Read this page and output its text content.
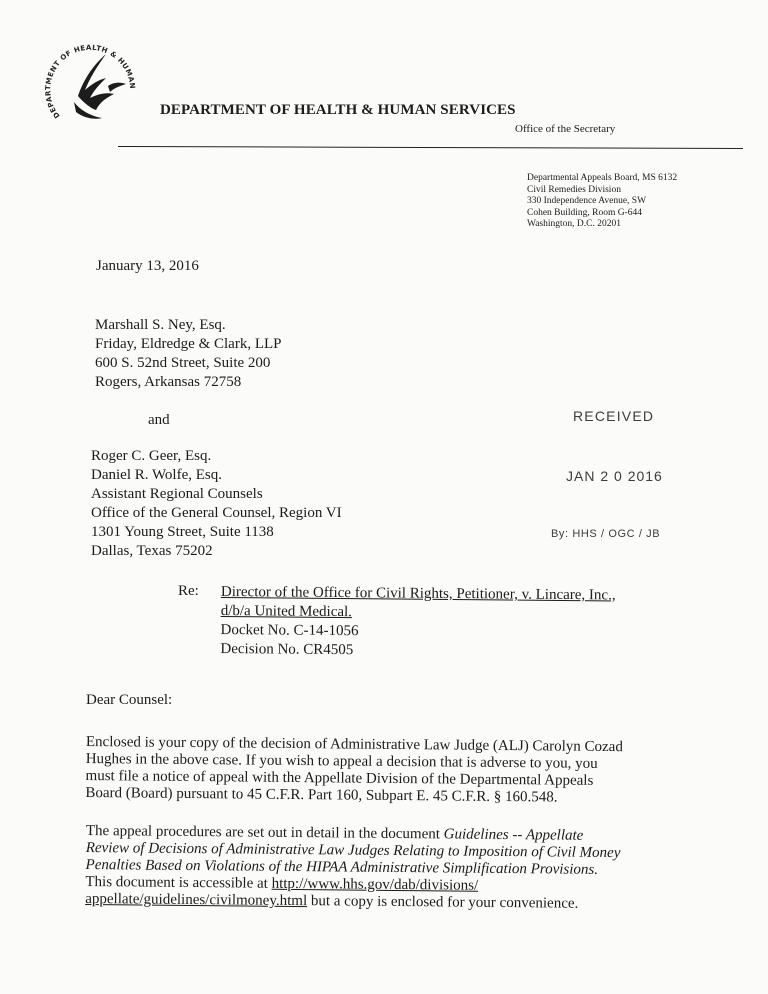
DEPARTMENT OF HEALTH & HUMAN
DEPARTMENT OF HEALTH & HUMAN SERVICES
Office of the Secretary
Departmental Appeals Board, MS 6132
Civil Remedies Division
330 Independence Avenue, SW
Cohen Building, Room G-644
Washington, D.C. 20201
January 13, 2016
Marshall S. Ney, Esq.
Friday, Eldredge & Clark, LLP
600 S. 52nd Street, Suite 200
Rogers, Arkansas 72758
and
Roger C. Geer, Esq.
Daniel R. Wolfe, Esq.
Assistant Regional Counsels
Office of the General Counsel, Region VI
1301 Young Street, Suite 1138
Dallas, Texas 75202
RECEIVED
JAN 2 0 2016
By: HHS / OGC / JB
Re: Director of the Office for Civil Rights, Petitioner, v. Lincare, Inc.,
d/b/a United Medical.
Docket No. C-14-1056
Decision No. CR4505
Dear Counsel:
Enclosed is your copy of the decision of Administrative Law Judge (ALJ) Carolyn Cozad
Hughes in the above case. If you wish to appeal a decision that is adverse to you, you
must file a notice of appeal with the Appellate Division of the Departmental Appeals
Board (Board) pursuant to 45 C.F.R. Part 160, Subpart E. 45 C.F.R. § 160.548.
The appeal procedures are set out in detail in the document Guidelines -- Appellate
Review of Decisions of Administrative Law Judges Relating to Imposition of Civil Money
Penalties Based on Violations of the HIPAA Administrative Simplification Provisions.
This document is accessible at http://www.hhs.gov/dab/divisions/
appellate/guidelines/civilmoney.html but a copy is enclosed for your convenience.
